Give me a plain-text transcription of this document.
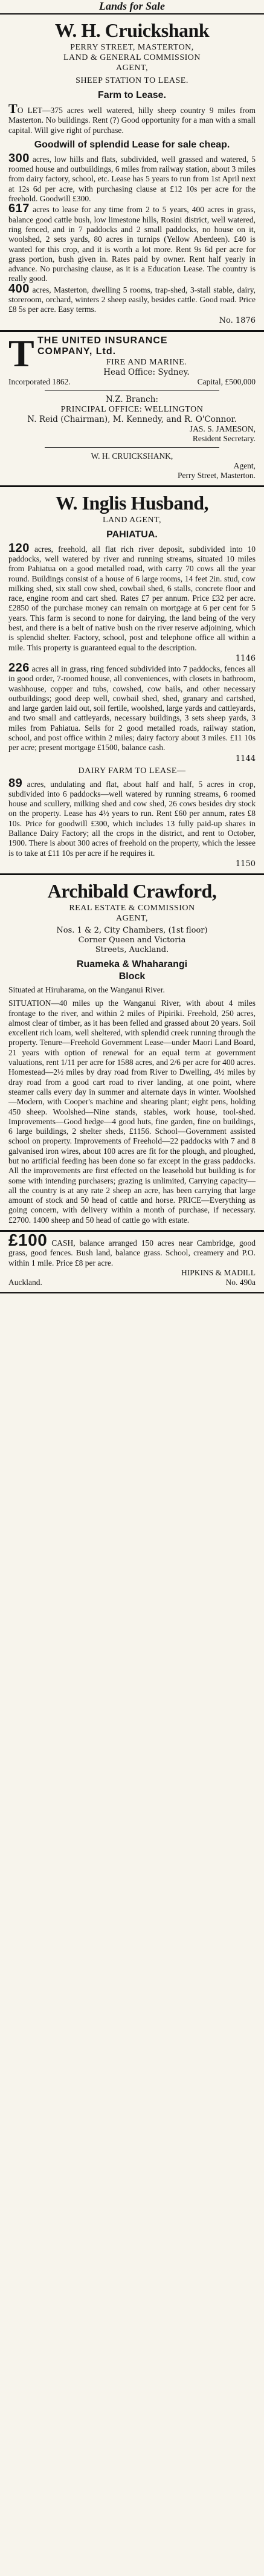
Lands for Sale
W. H. Cruickshank
PERRY STREET, MASTERTON,
LAND & GENERAL COMMISSION
AGENT,
SHEEP STATION TO LEASE.
Farm to Lease.

TO LET—375 acres well watered, hilly sheep country 9 miles from Masterton. No buildings. Rent (?) Good opportunity for a man with a small capital. Will give right of purchase.

Goodwill of splendid Lease for sale cheap.

300 acres, low hills and flats, subdivided, well grassed and watered, 5 roomed house and outbuildings, 6 miles from railway station, about 3 miles from dairy factory, school, etc. Lease has 5 years to run from 1st April next at 12s 6d per acre, with purchasing clause at £12 10s per acre for the freehold. Goodwill £300.

617 acres to lease for any time from 2 to 5 years, 400 acres in grass, balance good cattle bush, low limestone hills, Rosini district, well watered, ring fenced, and in 7 paddocks and 2 small paddocks, no house on it, woolshed, 2 sets yards, 80 acres in turnips (Yellow Aberdeen). £40 is wanted for this crop, and it is worth a lot more. Rent 9s 6d per acre for grass portion, bush given in. Rates paid by owner. Rent half yearly in advance. No purchasing clause, as it is a Education Lease. The country is really good.

400 acres, Masterton, dwelling 5 rooms, trap-shed, 3-stall stable, dairy, storeroom, orchard, winters 2 sheep easily, besides cattle. Good road. Price £8 5s per acre. Easy terms.

No. 1876
T THE UNITED INSURANCE
COMPANY, Ltd.
FIRE AND MARINE.
Head Office: Sydney.
Incorporated 1862.	Capital, £500,000
N.Z. Branch:
PRINCIPAL OFFICE: WELLINGTON
N. Reid (Chairman), M. Kennedy, and R. O'Connor.
JAS. S. JAMESON,
Resident Secretary.
W. H. CRUICKSHANK,
Agent,
Perry Street, Masterton.
W. Inglis Husband,
LAND AGENT,
PAHIATUA.

120 acres, freehold, all flat rich river deposit, subdivided into 10 paddocks, well watered by river and running streams, situated 10 miles from Pahiatua on a good metalled road, with carry 70 cows all the year round. Buildings consist of a house of 6 large rooms, 14 feet 2in. stud, cow milking shed, six stall cow shed, cowbail shed, 6 stalls, concrete floor and race, engine room and cart shed. Rates £7 per annum. Price £32 per acre. £2850 of the purchase money can remain on mortgage at 6 per cent for 5 years. This farm is second to none for dairying, the land being of the very best, and there is a belt of native bush on the river reserve adjoining, which is splendid shelter. Factory, school, post and telephone office all within a mile. This property is guaranteed equal to the description.

1146

226 acres all in grass, ring fenced subdivided into 7 paddocks, fences all in good order, 7-roomed house, all conveniences, with closets in bathroom, washhouse, copper and tubs, cowshed, cow bails, and other necessary outbuildings; good deep well, cowbail shed, shed, granary and cartshed, and large garden laid out, soil fertile, woolshed, large yards and cattleyards, and two small and cattleyards, necessary buildings, 3 sets sheep yards, 3 miles from Pahiatua. Sells for 2 good metalled roads, railway station, school, and post office within 2 miles; dairy factory about 3 miles. £11 10s per acre; present mortgage £1500, balance cash.

1144
DAIRY FARM TO LEASE—

89 acres, undulating and flat, about half and half, 5 acres in crop, subdivided into 6 paddocks—well watered by running streams, 6 roomed house and scullery, milking shed and cow shed, 26 cows besides dry stock on the property. Lease has 4½ years to run. Rent £60 per annum, rates £8 10s. Price for goodwill £300, which includes 13 fully paid-up shares in Ballance Dairy Factory; all the crops in the district, and rent to October, 1900. There is about 300 acres of freehold on the property, which the lessee is to take at £11 10s per acre if he requires it.

1150
Archibald Crawford,
REAL ESTATE & COMMISSION
AGENT,
Nos. 1 & 2, City Chambers, (1st floor)
Corner Queen and Victoria
Streets, Auckland.
Ruameka & Whaharangi
Block

Situated at Hiruharama, on the Wanganui River.

SITUATION—40 miles up the Wanganui River, with about 4 miles frontage to the river, and within 2 miles of Pipiriki. Freehold, 250 acres, almost clear of timber, as it has been felled and grassed about 20 years. Soil excellent rich loam, well sheltered, with splendid creek running through the property. Tenure—Freehold Government Lease—under Maori Land Board, 21 years with option of renewal for an equal term at government valuations, rent 1/11 per acre for 1588 acres, and 2/6 per acre for 400 acres. Homestead—2½ miles by dray road from River to Dwelling, 4½ miles by dray road from a good cart road to river landing, at one point, where steamer calls every day in summer and alternate days in winter. Woolshed—Modern, with Cooper's machine and shearing plant; eight pens, holding 450 sheep. Woolshed—Nine stands, stables, work house, tool-shed. Improvements—Good hedge—4 good huts, fine garden, fine on buildings, 6 large buildings, 2 shelter sheds, £1156. School—Government assisted school on property. Improvements of Freehold—22 paddocks with 7 and 8 galvanised iron wires, about 100 acres are fit for the plough, and ploughed, but no artificial feeding has been done so far except in the grass paddocks. All the improvements are first effected on the leasehold but building is for some with intending purchasers; grazing is unlimited, Carrying capacity—all the country is at any rate 2 sheep an acre, has been carrying that large amount of stock and 50 head of cattle and horse. PRICE—Everything as going concern, with delivery within a month of purchase, if necessary. £2700. 1400 sheep and 50 head of cattle go with estate.

£100 CASH, balance arranged 150 acres near Cambridge, good grass, good fences. Bush land, balance grass. School, creamery and P.O. within 1 mile. Price £8 per acre.

HIPKINS & MADILL
Auckland.	No. 490a
